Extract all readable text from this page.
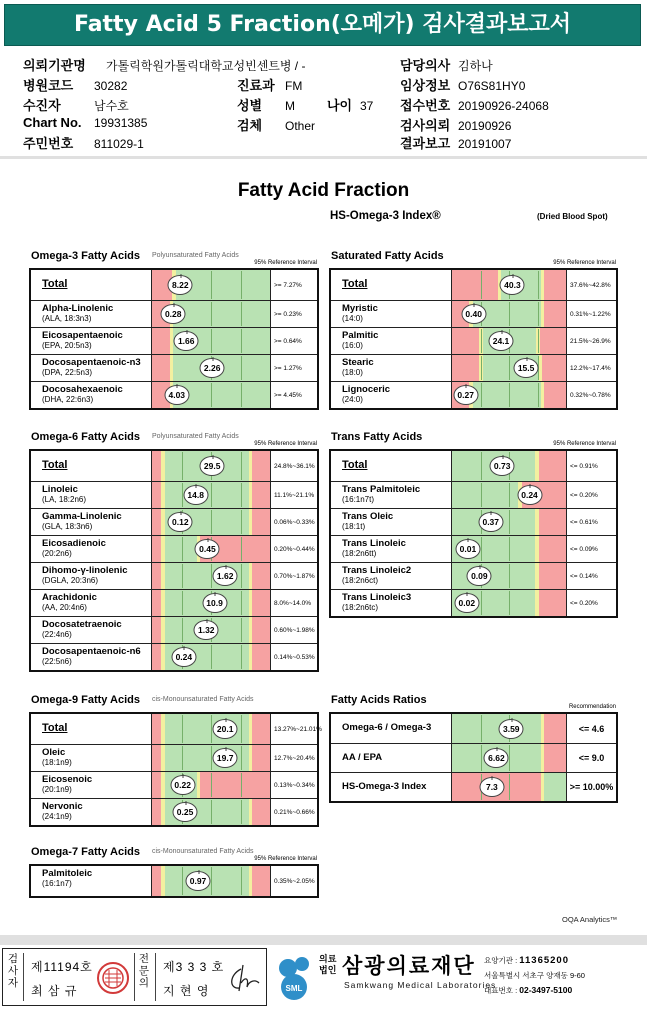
Fatty Acid 5 Fraction(오메가) 검사결과보고서
의뢰기관명 가톨릭학원가톨릭대학교성빈센트병 / -	담당의사 김하나
병원코드 30282	진료과 FM	임상정보 O76S81HY0
수진자	남수호	성별 M 나이 37 접수번호 20190926-24068
Chart No. 19931385	검체 Other	검사의뢰 20190926
주민번호 811029-1	결과보고 20191007
Fatty Acid Fraction
HS-Omega-3 Index®	(Dried Blood Spot)
Omega-3 Fatty Acids Polyunsaturated Fatty Acids
95% Reference Interval
Total	8.22	>= 7.27%
Alpha-Linolenic
(ALA, 18:3n3)	0.28	>= 0.23%
Eicosapentaenoic
(EPA, 20:5n3)	1.66	>= 0.64%
Docosapentaenoic-n3
(DPA, 22:5n3)	2.26	>= 1.27%
Docosahexaenoic
(DHA, 22:6n3)	4.03	>= 4.45%
Saturated Fatty Acids
95% Reference Interval
Total	40.3	37.6%~42.8%
Myristic
(14:0)	0.40	0.31%~1.22%
Palmitic
(16:0)	24.1	21.5%~26.9%
Stearic
(18:0)	15.5	12.2%~17.4%
Lignoceric
(24:0)	0.27	0.32%~0.78%
Omega-6 Fatty Acids Polyunsaturated Fatty Acids
95% Reference Interval
Total	29.5	24.8%~36.1%
Linoleic
(LA, 18:2n6)	14.8	11.1%~21.1%
Gamma-Linolenic
(GLA, 18:3n6)	0.12	0.06%~0.33%
Eicosadienoic
(20:2n6)	0.45	0.20%~0.44%
Dihomo-γ-linolenic
(DGLA, 20:3n6)	1.62	0.70%~1.87%
Arachidonic
(AA, 20:4n6)	10.9	8.0%~14.0%
Docosatetraenoic
(22:4n6)	1.32	0.60%~1.98%
Docosapentaenoic-n6
(22:5n6)	0.24	0.14%~0.53%
Trans Fatty Acids
95% Reference Interval
Total	0.73	<= 0.91%
Trans Palmitoleic
(16:1n7t)	0.24	<= 0.20%
Trans Oleic
(18:1t)	0.37	<= 0.61%
Trans Linoleic
(18:2n6tt)	0.01	<= 0.09%
Trans Linoleic2
(18:2n6ct)	0.09	<= 0.14%
Trans Linoleic3
(18:2n6tc)	0.02	<= 0.20%
Omega-9 Fatty Acids cis-Monounsaturated Fatty Acids
Total	20.1	13.27%~21.01%
Oleic
(18:1n9)	19.7	12.7%~20.4%
Eicosenoic
(20:1n9)	0.22	0.13%~0.34%
Nervonic
(24:1n9)	0.25	0.21%~0.66%
Fatty Acids Ratios
Recommendation
Omega-6 / Omega-3	3.59	<= 4.6
AA / EPA	6.62	<= 9.0
HS-Omega-3 Index	7.3	>= 10.00%
Omega-7 Fatty Acids cis-Monounsaturated Fatty Acids
95% Reference Interval
Palmitoleic
(16:1n7)	0.97	0.35%~2.05%
OQA Analytics™
검사자
제11194호
최 삼 규
전문의
제3 3 3 호
지 현 영	SML
의료법인 삼광의료재단
Samkwang Medical Laboratories
요양기관 : 11365200
서울특별시 서초구 양재동 9-60
대표번호 : 02-3497-5100
